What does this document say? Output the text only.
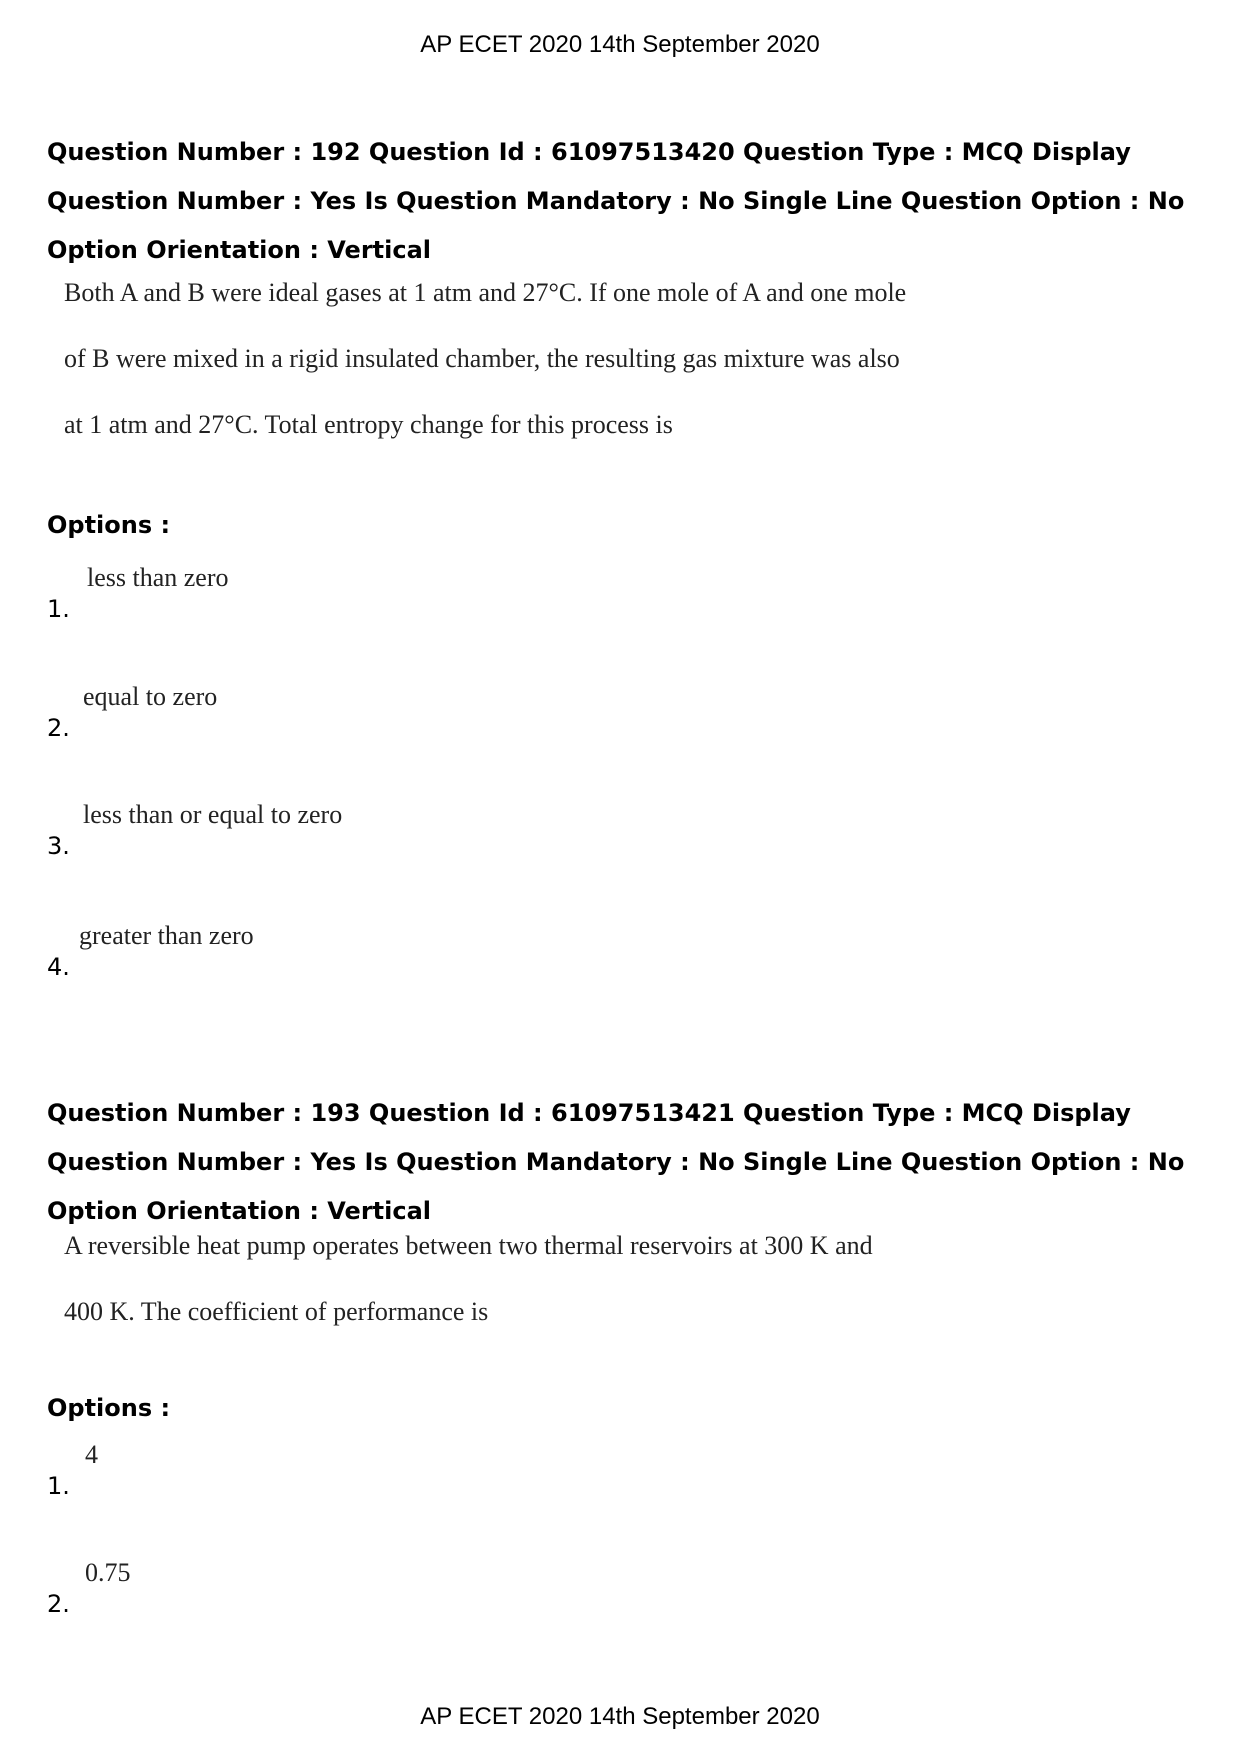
AP ECET 2020 14th September 2020
Question Number : 192 Question Id : 61097513420 Question Type : MCQ Display Question Number : Yes Is Question Mandatory : No Single Line Question Option : No Option Orientation : Vertical
Both A and B were ideal gases at 1 atm and 27°C. If one mole of A and one mole
of B were mixed in a rigid insulated chamber, the resulting gas mixture was also
at 1 atm and 27°C. Total entropy change for this process is
Options :
1.
less than zero
2.
equal to zero
3.
less than or equal to zero
4.
greater than zero
Question Number : 193 Question Id : 61097513421 Question Type : MCQ Display Question Number : Yes Is Question Mandatory : No Single Line Question Option : No Option Orientation : Vertical
A reversible heat pump operates between two thermal reservoirs at 300 K and
400 K. The coefficient of performance is
Options :
1.
4
2.
0.75
AP ECET 2020 14th September 2020
